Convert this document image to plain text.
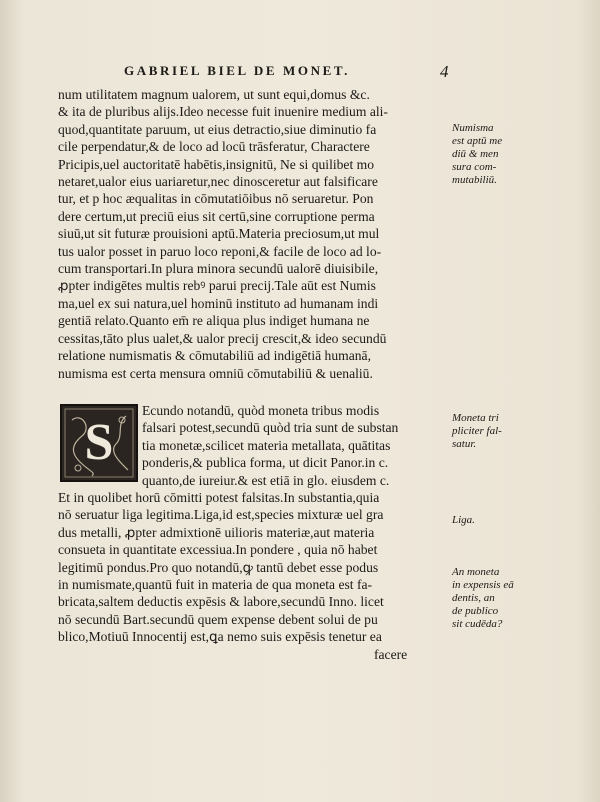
GABRIEL BIEL DE MONET.	4
num utilitatem magnum ualorem, ut sunt equi,domus &c.
& ita de pluribus alijs.Ideo necesse fuit inuenire medium ali-
quod,quantitate paruum, ut eius detractio,siue diminutio fa
cile perpendatur,& de loco ad locū trāsferatur, Charactere
Pricipis,uel auctoritatē habētis,insignitū, Ne si quilibet mo
netaret,ualor eius uariaretur,nec dinosceretur aut falsificare
tur, et p hoc æqualitas in cōmutatiōibus nō seruaretur. Pon
dere certum,ut preciū eius sit certū,sine corruptione perma
siuū,ut sit futuræ prouisioni aptū.Materia preciosum,ut mul
tus ualor posset in paruo loco reponi,& facile de loco ad lo-
cum transportari.In plura minora secundū ualorē diuisibile,
ꝓpter indigētes multis rebꝰ parui precij.Tale aūt est Numis
ma,uel ex sui natura,uel hominū instituto ad humanam indi
gentiā relato.Quanto em̄ re aliqua plus indiget humana ne
cessitas,tāto plus ualet,& ualor precij crescit,& ideo secundū
relatione numismatis & cōmutabiliū ad indigētiā humanā,
numisma est certa mensura omniū cōmutabiliū & uenaliū.
S
Ecundo notandū, quòd moneta tribus modis
falsari potest,secundū quòd tria sunt de substan
tia monetæ,scilicet materia metallata, quātitas
ponderis,& publica forma, ut dicit Panor.in c.
quanto,de iureiur.& est etiā in glo. eiusdem c.
Et in quolibet horū cōmitti potest falsitas.In substantia,quia
nō seruatur liga legitima.Liga,id est,species mixturæ uel gra
dus metalli, ꝓpter admixtionē uilioris materiæ,aut materia
consueta in quantitate excessiua.In pondere , quia nō habet
legitimū pondus.Pro quo notandū,ꝙ tantū debet esse podus
in numismate,quantū fuit in materia de qua moneta est fa-
bricata,saltem deductis expēsis & labore,secundū Inno. licet
nō secundū Bart.secundū quem expense debent solui de pu
blico,Motiuū Innocentij est,ꝗa nemo suis expēsis tenetur ea
facere
Numisma
est aptū me
diū & men
sura com-
mutabiliū.
Moneta tri
pliciter fal-
satur.
Liga.
An moneta
in expensis eā
dentis, an
de publico
sit cudēda?
